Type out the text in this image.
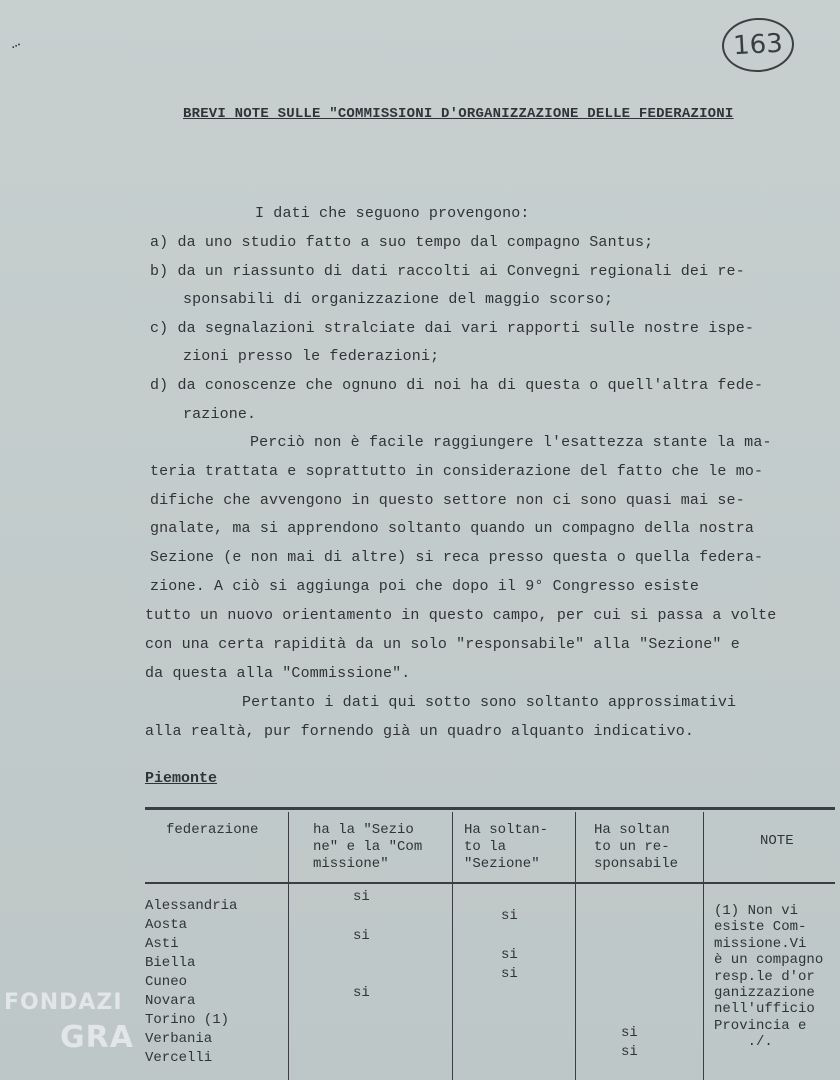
…	163
BREVI NOTE SULLE "COMMISSIONI D'ORGANIZZAZIONE DELLE FEDERAZIONI
I dati che seguono provengono:
a) da uno studio fatto a suo tempo dal compagno Santus;
b) da un riassunto di dati raccolti ai Convegni regionali dei re-
sponsabili di organizzazione del maggio scorso;
c) da segnalazioni stralciate dai vari rapporti sulle nostre ispe-
zioni presso le federazioni;
d) da conoscenze che ognuno di noi ha di questa o quell'altra fede-
razione.
Perciò non è facile raggiungere l'esattezza stante la ma-
teria trattata e soprattutto in considerazione del fatto che le mo-
difiche che avvengono in questo settore non ci sono quasi mai se-
gnalate, ma si apprendono soltanto quando un compagno della nostra
Sezione (e non mai di altre) si reca presso questa o quella federa-
zione. A ciò si aggiunga poi che dopo il 9° Congresso esiste
tutto un nuovo orientamento in questo campo, per cui si passa a volte
con una certa rapidità da un solo "responsabile" alla "Sezione" e
da questa alla "Commissione".
Pertanto i dati qui sotto sono soltanto approssimativi
alla realtà, pur fornendo già un quadro alquanto indicativo.
Piemonte
federazione	ha la "Sezio
ne" e la "Com
missione"
Ha soltan-
to la
"Sezione"
Ha soltan
to un re-
sponsabile
NOTE
Alessandria
Aosta
Asti
Biella
Cuneo
Novara
Torino (1)
Verbania
Vercelli
si
si
si
si
si
si
si
si
(1) Non vi
esiste Com-
missione.Vi
è un compagno
resp.le d'or
ganizzazione
nell'ufficio
Provincia e
./.
FONDAZI
GRA
